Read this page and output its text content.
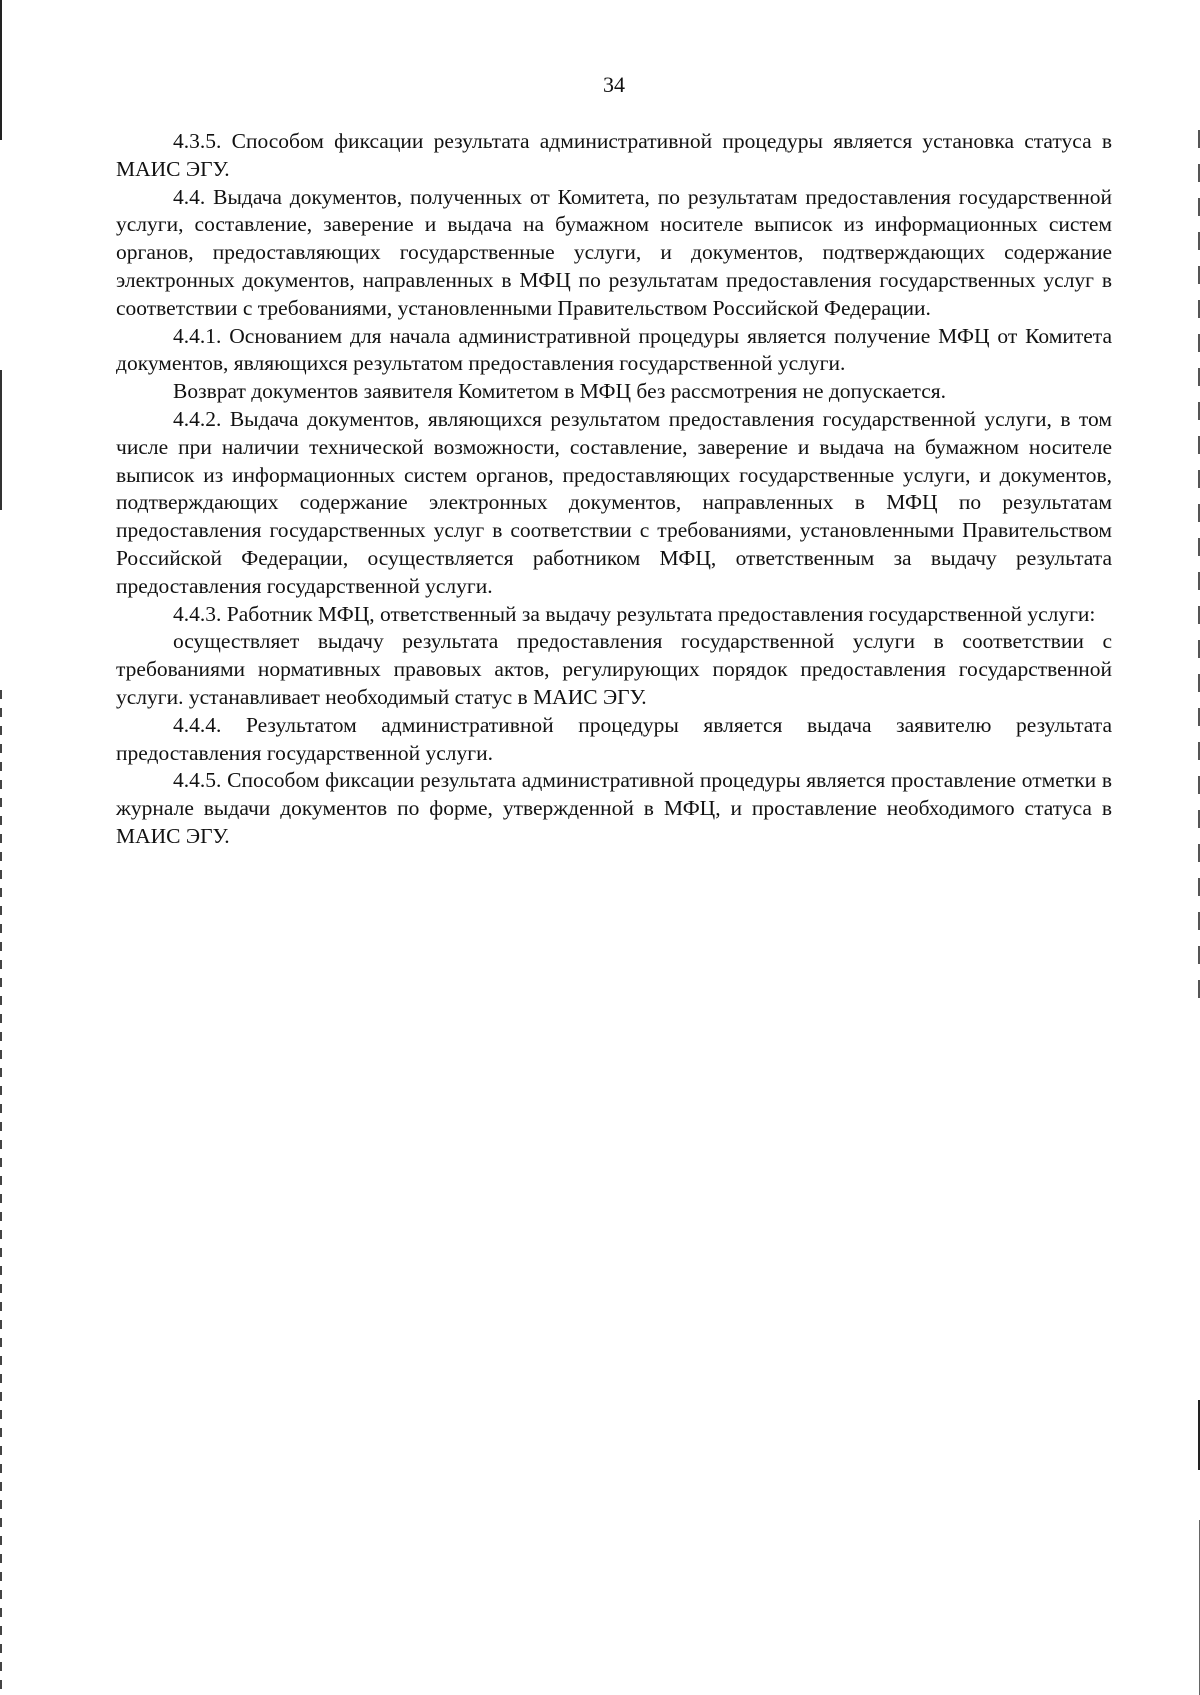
34

4.3.5. Способом фиксации результата административной процедуры является установка статуса в МАИС ЭГУ.

4.4. Выдача документов, полученных от Комитета, по результатам предоставления государственной услуги, составление, заверение и выдача на бумажном носителе выписок из информационных систем органов, предоставляющих государственные услуги, и документов, подтверждающих содержание электронных документов, направленных в МФЦ по результатам предоставления государственных услуг в соответствии с требованиями, установленными Правительством Российской Федерации.

4.4.1. Основанием для начала административной процедуры является получение МФЦ от Комитета документов, являющихся результатом предоставления государственной услуги.

Возврат документов заявителя Комитетом в МФЦ без рассмотрения не допускается.

4.4.2. Выдача документов, являющихся результатом предоставления государственной услуги, в том числе при наличии технической возможности, составление, заверение и выдача на бумажном носителе выписок из информационных систем органов, предоставляющих государственные услуги, и документов, подтверждающих содержание электронных документов, направленных в МФЦ по результатам предоставления государственных услуг в соответствии с требованиями, установленными Правительством Российской Федерации, осуществляется работником МФЦ, ответственным за выдачу результата предоставления государственной услуги.

4.4.3. Работник МФЦ, ответственный за выдачу результата предоставления государственной услуги:

осуществляет выдачу результата предоставления государственной услуги в соответствии с требованиями нормативных правовых актов, регулирующих порядок предоставления государственной услуги. устанавливает необходимый статус в МАИС ЭГУ.

4.4.4. Результатом административной процедуры является выдача заявителю результата предоставления государственной услуги.

4.4.5. Способом фиксации результата административной процедуры является проставление отметки в журнале выдачи документов по форме, утвержденной в МФЦ, и проставление необходимого статуса в МАИС ЭГУ.
